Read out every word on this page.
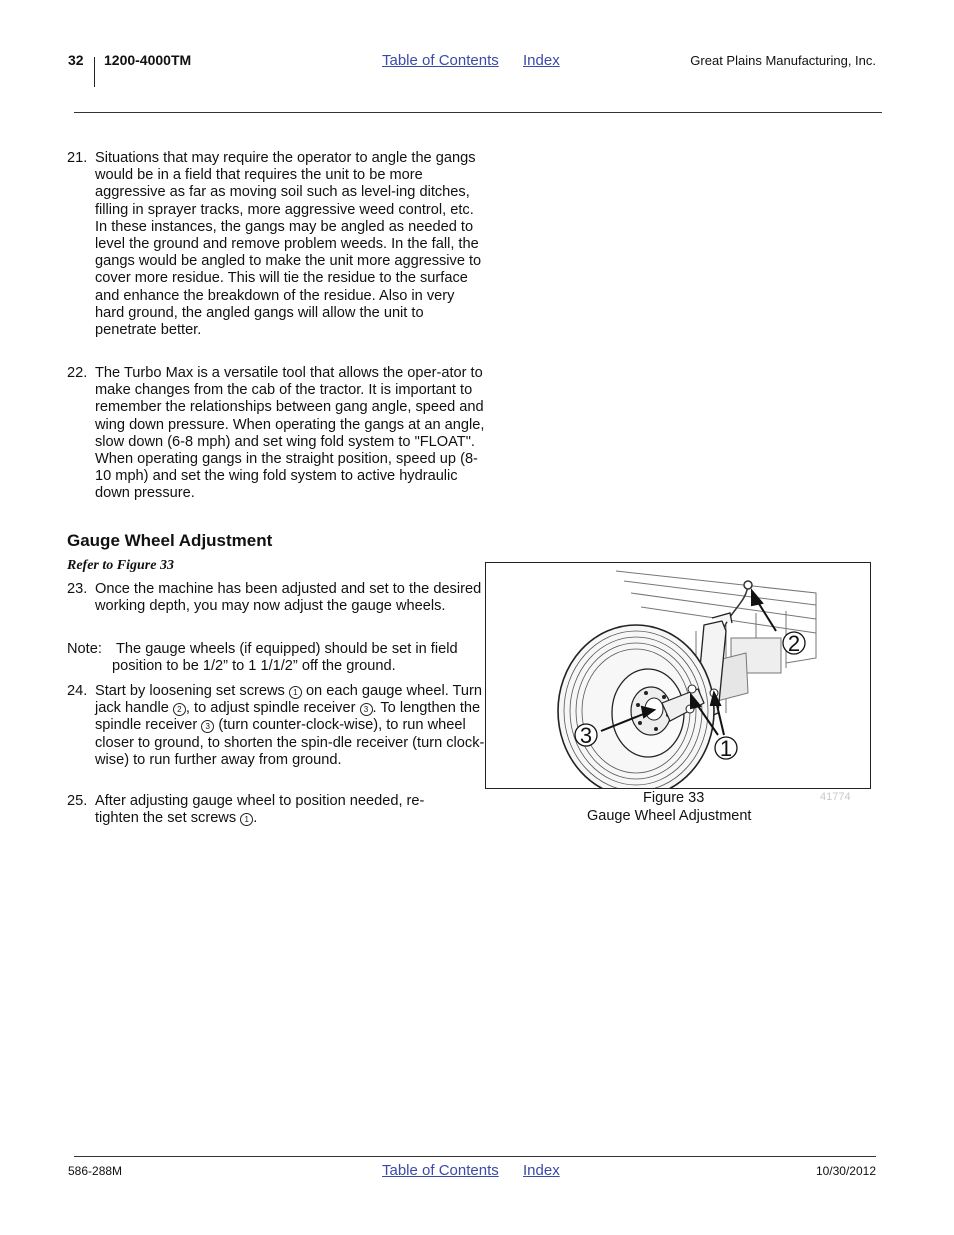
32 1200-4000TM	Table of Contents Index	Great Plains Manufacturing, Inc.
21. Situations that may require the operator to angle the gangs would be in a field that requires the unit to be more aggressive as far as moving soil such as level-ing ditches, filling in sprayer tracks, more aggressive weed control, etc. In these instances, the gangs may be angled as needed to level the ground and remove problem weeds. In the fall, the gangs would be angled to make the unit more aggressive to cover more residue. This will tie the residue to the surface and enhance the breakdown of the residue. Also in very hard ground, the angled gangs will allow the unit to penetrate better.
22. The Turbo Max is a versatile tool that allows the oper-ator to make changes from the cab of the tractor. It is important to remember the relationships between gang angle, speed and wing down pressure. When operating the gangs at an angle, slow down (6-8 mph) and set wing fold system to "FLOAT". When operating gangs in the straight position, speed up (8-10 mph) and set the wing fold system to active hydraulic down pressure.
Gauge Wheel Adjustment
Refer to Figure 33
23. Once the machine has been adjusted and set to the desired working depth, you may now adjust the gauge wheels.
Note: The gauge wheels (if equipped) should be set in field position to be 1/2” to 1 1/1/2” off the ground.
24. Start by loosening set screws 1 on each gauge wheel. Turn jack handle 2 , to adjust spindle receiver 3 . To lengthen the spindle receiver 3 (turn counter-clock-wise), to run wheel closer to ground, to shorten the spin-dle receiver (turn clock-wise) to run further away from ground.
25. After adjusting gauge wheel to position needed, re-tighten the set screws 1 .
2
3
1
Figure 33
Gauge Wheel Adjustment
41774
586-288M	Table of Contents Index	10/30/2012
